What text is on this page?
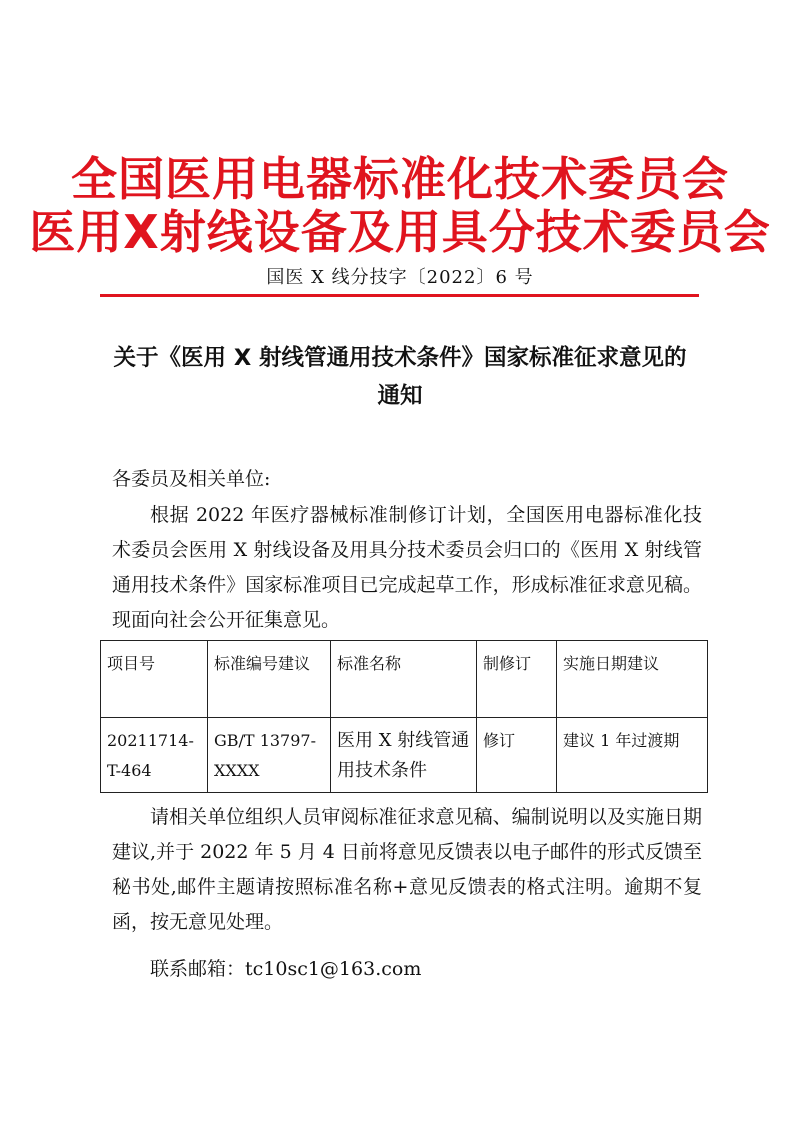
全国医用电器标准化技术委员会
医用X射线设备及用具分技术委员会
国医 X 线分技字〔2022〕6 号
关于《医用 X 射线管通用技术条件》国家标准征求意见的
通知
各委员及相关单位:
根据 2022 年医疗器械标准制修订计划，全国医用电器标准化技术委员会医用 X 射线设备及用具分技术委员会归口的《医用 X 射线管通用技术条件》国家标准项目已完成起草工作，形成标准征求意见稿。现面向社会公开征集意见。
项目号	标准编号建议	标准名称	制修订	实施日期建议
20211714-T-464	GB/T 13797-XXXX	医用 X 射线管通用技术条件	修订	建议 1 年过渡期
请相关单位组织人员审阅标准征求意见稿、编制说明以及实施日期建议,并于 2022 年 5 月 4 日前将意见反馈表以电子邮件的形式反馈至秘书处,邮件主题请按照标准名称+意见反馈表的格式注明。逾期不复函，按无意见处理。
联系邮箱：tc10sc1@163.com
